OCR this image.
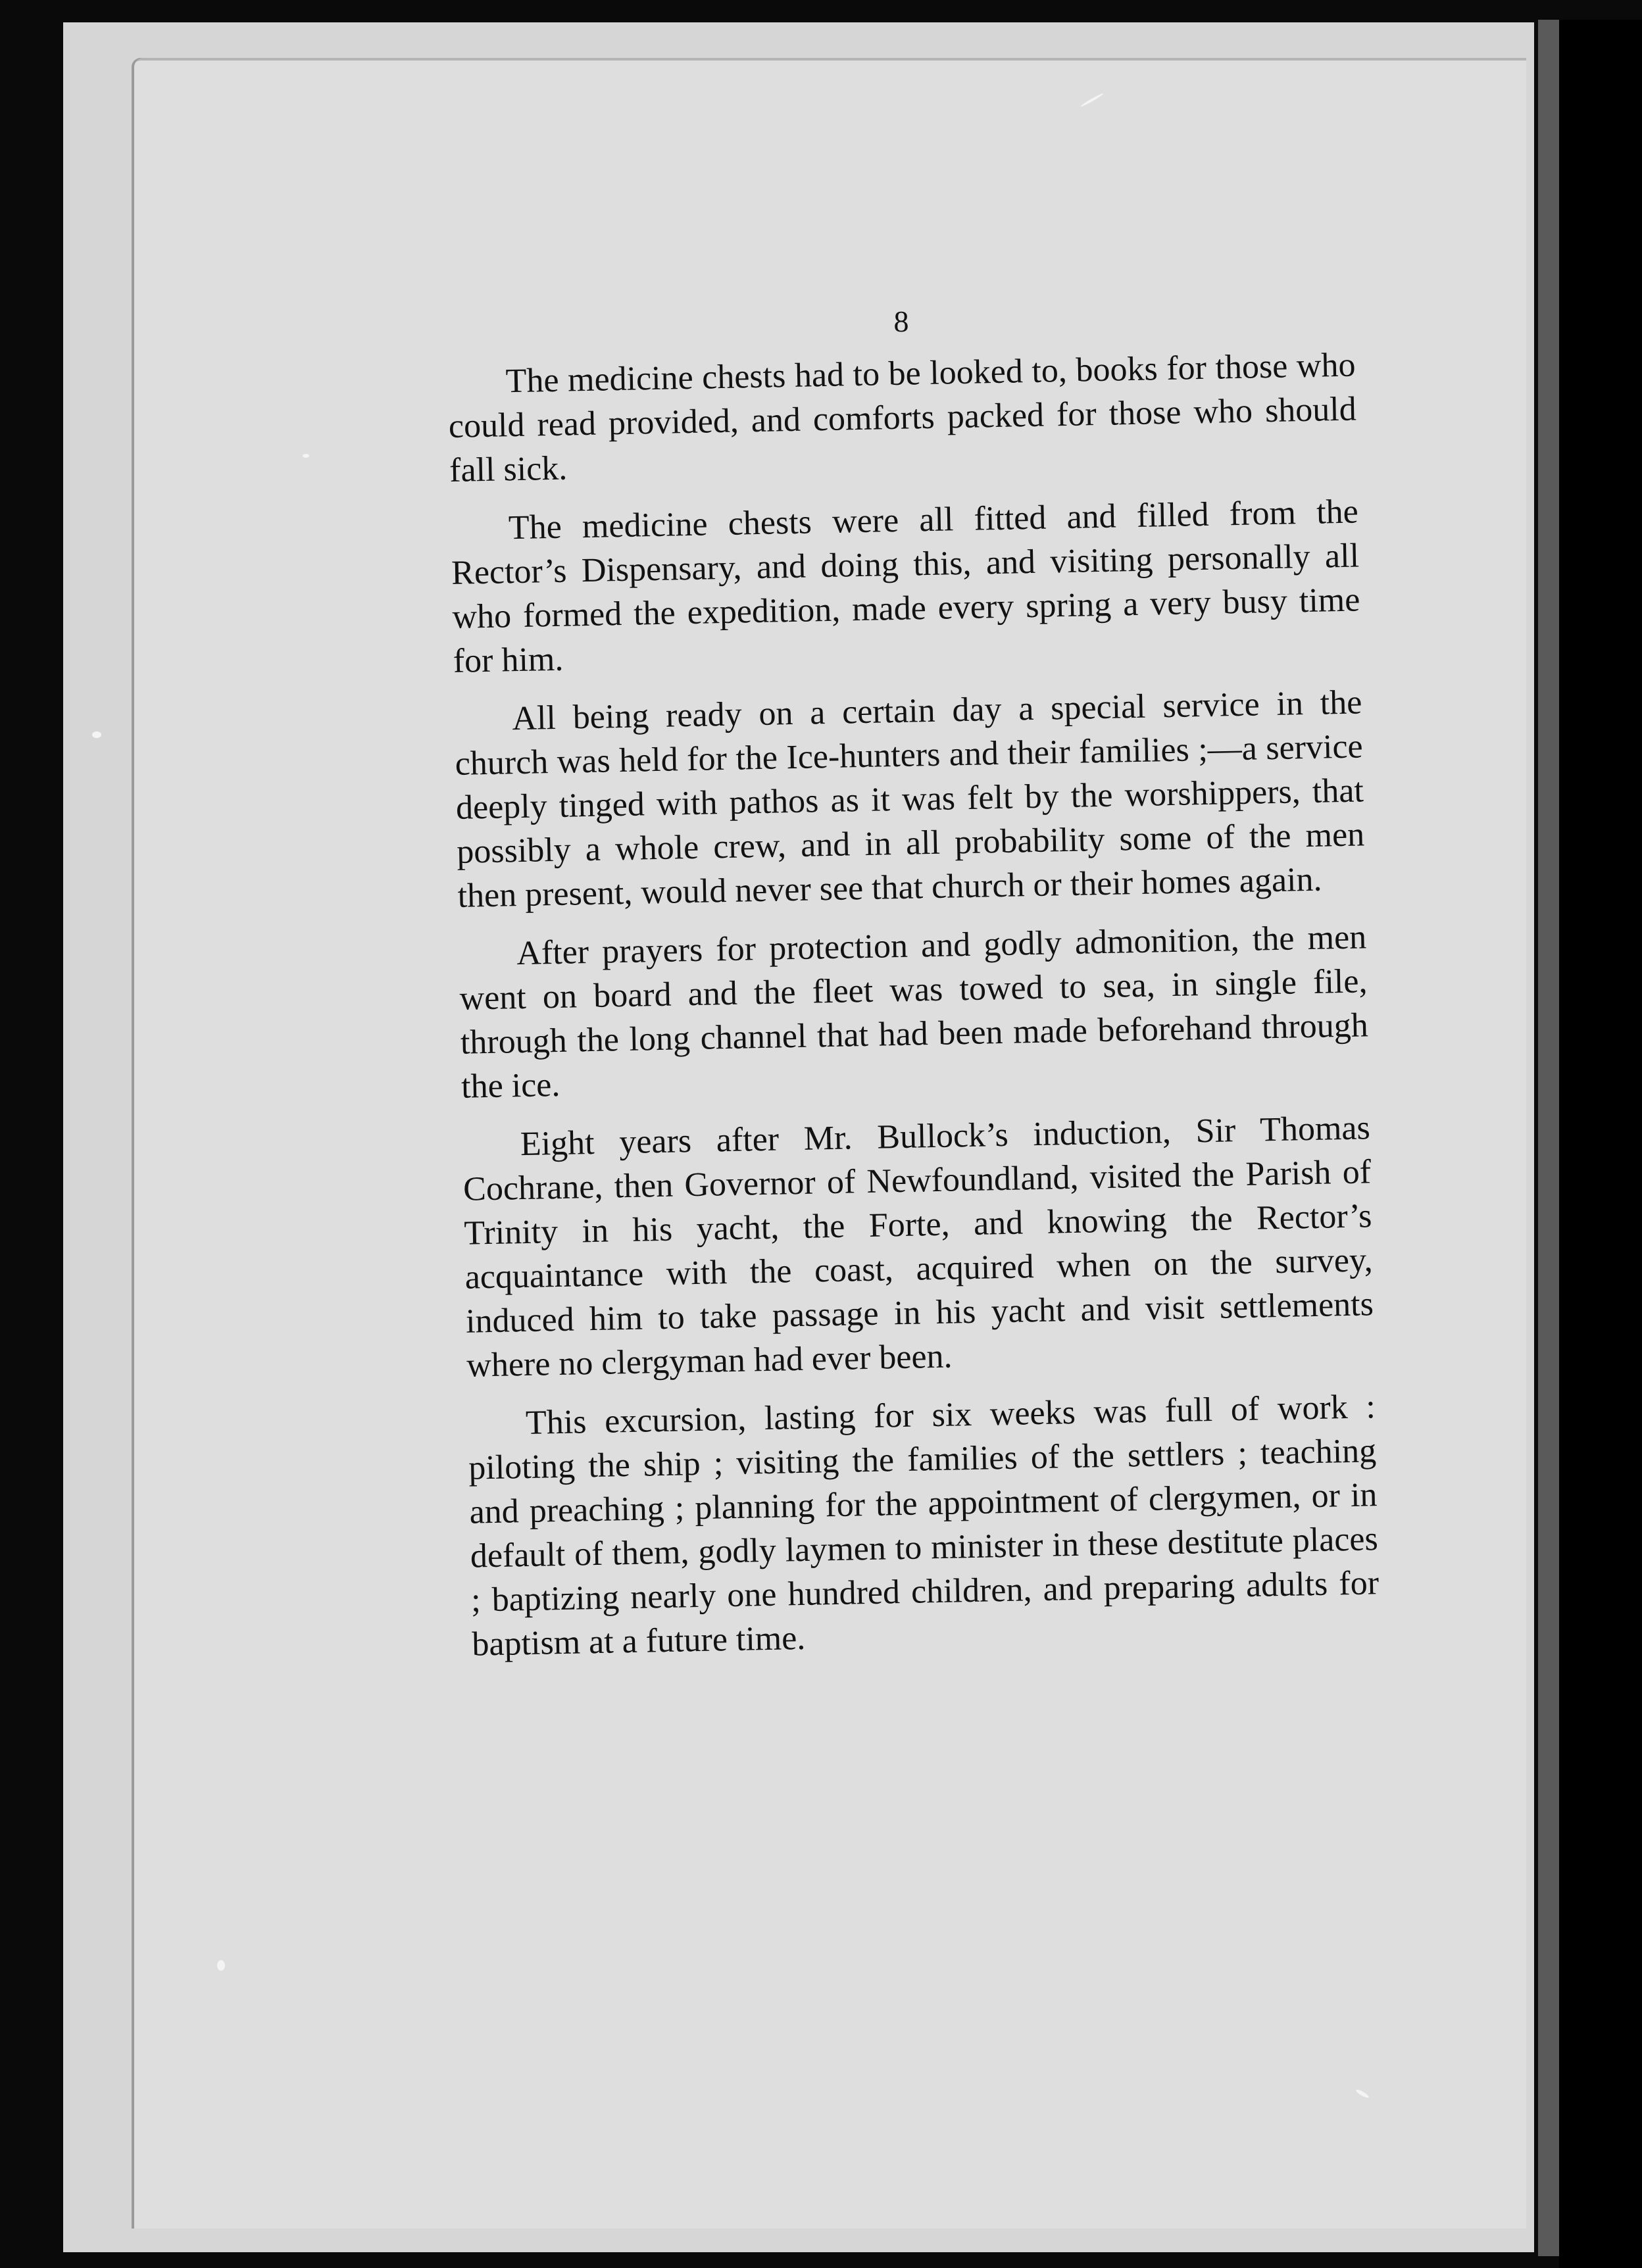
8

The medicine chests had to be looked to, books for those who could read provided, and comforts packed for those who should fall sick.

The medicine chests were all fitted and filled from the Rector’s Dispensary, and doing this, and visiting personally all who formed the expedition, made every spring a very busy time for him.

All being ready on a certain day a special service in the church was held for the Ice-hunters and their families ;—a service deeply tinged with pathos as it was felt by the worshippers, that possibly a whole crew, and in all probability some of the men then present, would never see that church or their homes again.

After prayers for protection and godly admonition, the men went on board and the fleet was towed to sea, in single file, through the long channel that had been made beforehand through the ice.

Eight years after Mr. Bullock’s induction, Sir Thomas Cochrane, then Governor of Newfoundland, visited the Parish of Trinity in his yacht, the Forte, and knowing the Rector’s acquaintance with the coast, acquired when on the survey, induced him to take passage in his yacht and visit settlements where no clergyman had ever been.

This excursion, lasting for six weeks was full of work : piloting the ship ; visiting the families of the settlers ; teaching and preaching ; planning for the appointment of clergymen, or in default of them, godly laymen to minister in these destitute places ; baptizing nearly one hundred children, and preparing adults for baptism at a future time.
